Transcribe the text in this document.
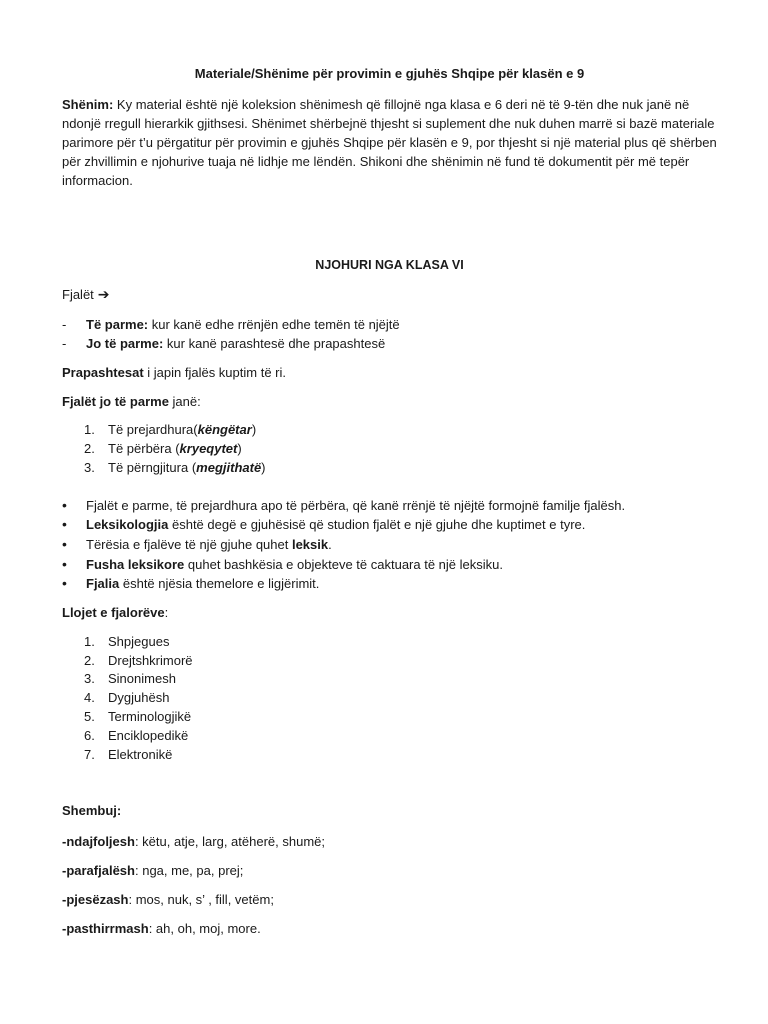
Materiale/Shënime për provimin e gjuhës Shqipe për klasën e 9
Shënim: Ky material është një koleksion shënimesh që fillojnë nga klasa e 6 deri në të 9-tën dhe nuk janë në ndonjë rregull hierarkik gjithsesi. Shënimet shërbejnë thjesht si suplement dhe nuk duhen marrë si bazë materiale parimore për t’u përgatitur për provimin e gjuhës Shqipe për klasën e 9, por thjesht si një material plus që shërben për zhvillimin e njohurive tuaja në lidhje me lëndën. Shikoni dhe shënimin në fund të dokumentit për më tepër informacion.
NJOHURI NGA KLASA VI
Fjalët ➔
- Të parme: kur kanë edhe rrënjën edhe temën të njëjtë
- Jo të parme: kur kanë parashtesë dhe prapashtesë
Prapashtesat i japin fjalës kuptim të ri.
Fjalët jo të parme janë:
1. Të prejardhura(këngëtar)
2. Të përbëra (kryeqytet)
3. Të përngjitura (megjithatë)
• Fjalët e parme, të prejardhura apo të përbëra, që kanë rrënjë të njëjtë formojnë familje fjalësh.
• Leksikologjia është degë e gjuhësisë që studion fjalët e një gjuhe dhe kuptimet e tyre.
• Tërësia e fjalëve të një gjuhe quhet leksik.
• Fusha leksikore quhet bashkësia e objekteve të caktuara të një leksiku.
• Fjalia është njësia themelore e ligjërimit.
Llojet e fjalorëve:
1. Shpjegues
2. Drejtshkrimorë
3. Sinonimesh
4. Dygjuhësh
5. Terminologjikë
6. Enciklopedikë
7. Elektronikë
Shembuj:
-ndajfoljesh: këtu, atje, larg, atëherë, shumë;
-parafjalësh: nga, me, pa, prej;
-pjesëzash: mos, nuk, s’ , fill, vetëm;
-pasthirrmash: ah, oh, moj, more.
